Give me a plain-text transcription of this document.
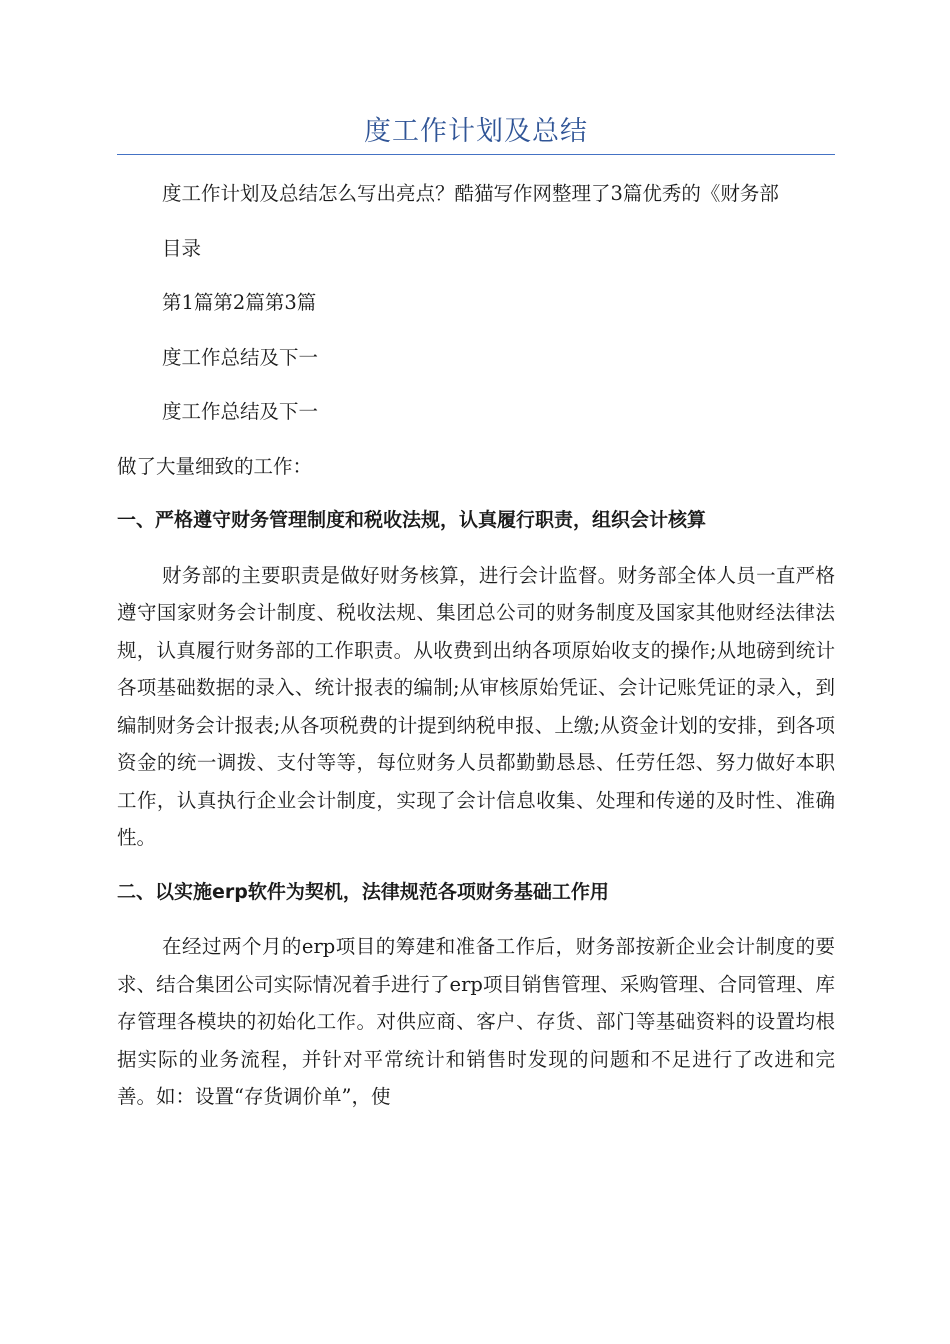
度工作计划及总结

度工作计划及总结怎么写出亮点？酷猫写作网整理了3篇优秀的《财务部

目录

第1篇第2篇第3篇

度工作总结及下一

度工作总结及下一

做了大量细致的工作：

一、严格遵守财务管理制度和税收法规，认真履行职责，组织会计核算

财务部的主要职责是做好财务核算，进行会计监督。财务部全体人员一直严格遵守国家财务会计制度、税收法规、集团总公司的财务制度及国家其他财经法律法规，认真履行财务部的工作职责。从收费到出纳各项原始收支的操作;从地磅到统计各项基础数据的录入、统计报表的编制;从审核原始凭证、会计记账凭证的录入，到编制财务会计报表;从各项税费的计提到纳税申报、上缴;从资金计划的安排，到各项资金的统一调拨、支付等等，每位财务人员都勤勤恳恳、任劳任怨、努力做好本职工作，认真执行企业会计制度，实现了会计信息收集、处理和传递的及时性、准确性。

二、以实施erp软件为契机，法律规范各项财务基础工作用

在经过两个月的erp项目的筹建和准备工作后，财务部按新企业会计制度的要求、结合集团公司实际情况着手进行了erp项目销售管理、采购管理、合同管理、库存管理各模块的初始化工作。对供应商、客户、存货、部门等基础资料的设置均根据实际的业务流程，并针对平常统计和销售时发现的问题和不足进行了改进和完善。如：设置“存货调价单”，使
